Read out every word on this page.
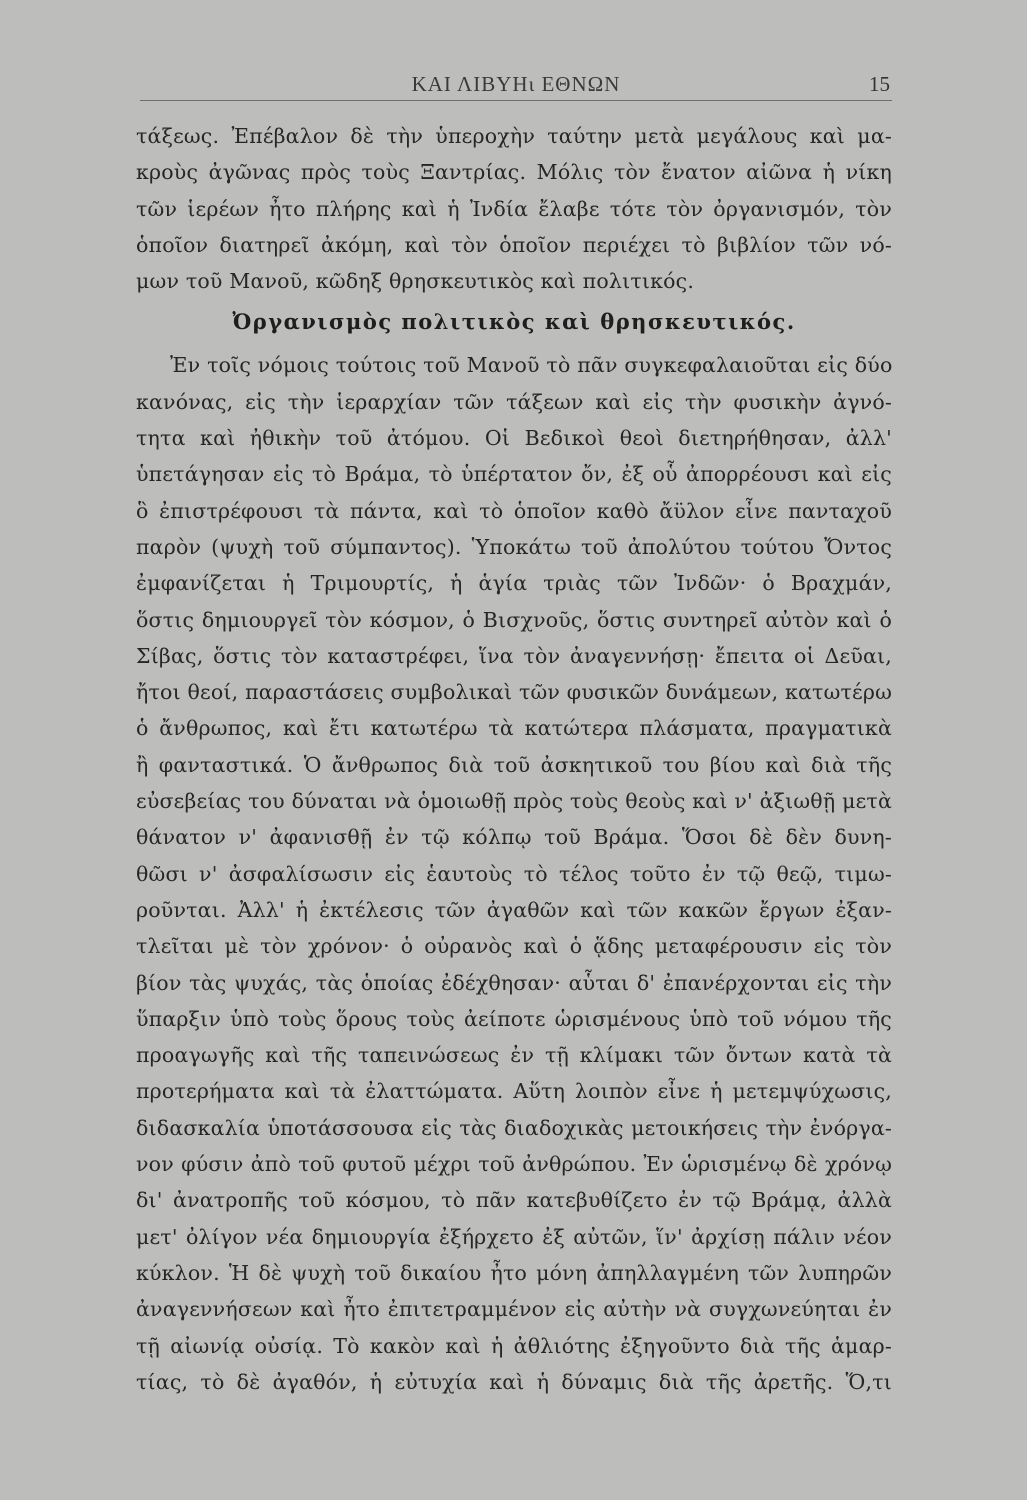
ΚΑΙ ΛΙΒΥΗι ΕΘΝΩΝ	15
τάξεως. Ἐπέβαλον δὲ τὴν ὑπεροχὴν ταύτην μετὰ μεγάλους καὶ μα-
κροὺς ἀγῶνας πρὸς τοὺς Ξαντρίας. Μόλις τὸν ἔνατον αἰῶνα ἡ νίκη
τῶν ἱερέων ἦτο πλήρης καὶ ἡ Ἰνδία ἔλαβε τότε τὸν ὀργανισμόν, τὸν
ὁποῖον διατηρεῖ ἀκόμη, καὶ τὸν ὁποῖον περιέχει τὸ βιβλίον τῶν νό-
μων τοῦ Μανοῦ, κῶδηξ θρησκευτικὸς καὶ πολιτικός.
Ὀργανισμὸς πολιτικὸς καὶ θρησκευτικός.
Ἐν τοῖς νόμοις τούτοις τοῦ Μανοῦ τὸ πᾶν συγκεφαλαιοῦται εἰς δύο
κανόνας, εἰς τὴν ἱεραρχίαν τῶν τάξεων καὶ εἰς τὴν φυσικὴν ἀγνό-
τητα καὶ ἠθικὴν τοῦ ἀτόμου. Οἱ Βεδικοὶ θεοὶ διετηρήθησαν, ἀλλ'
ὑπετάγησαν εἰς τὸ Βράμα, τὸ ὑπέρτατον ὄν, ἐξ οὗ ἀπορρέουσι καὶ εἰς
ὃ ἐπιστρέφουσι τὰ πάντα, καὶ τὸ ὁποῖον καθὸ ἄϋλον εἶνε πανταχοῦ
παρὸν (ψυχὴ τοῦ σύμπαντος). Ὑποκάτω τοῦ ἀπολύτου τούτου Ὄντος
ἐμφανίζεται ἡ Τριμουρτίς, ἡ ἁγία τριὰς τῶν Ἰνδῶν· ὁ Βραχμάν,
ὅστις δημιουργεῖ τὸν κόσμον, ὁ Βισχνοῦς, ὅστις συντηρεῖ αὐτὸν καὶ ὁ
Σίβας, ὅστις τὸν καταστρέφει, ἵνα τὸν ἀναγεννήσῃ· ἔπειτα οἱ Δεῦαι,
ἤτοι θεοί, παραστάσεις συμβολικαὶ τῶν φυσικῶν δυνάμεων, κατωτέρω
ὁ ἄνθρωπος, καὶ ἔτι κατωτέρω τὰ κατώτερα πλάσματα, πραγματικὰ
ἢ φανταστικά. Ὁ ἄνθρωπος διὰ τοῦ ἀσκητικοῦ του βίου καὶ διὰ τῆς
εὐσεβείας του δύναται νὰ ὁμοιωθῇ πρὸς τοὺς θεοὺς καὶ ν' ἀξιωθῇ μετὰ
θάνατον ν' ἀφανισθῇ ἐν τῷ κόλπῳ τοῦ Βράμα. Ὅσοι δὲ δὲν δυνη-
θῶσι ν' ἀσφαλίσωσιν εἰς ἑαυτοὺς τὸ τέλος τοῦτο ἐν τῷ θεῷ, τιμω-
ροῦνται. Ἀλλ' ἡ ἐκτέλεσις τῶν ἀγαθῶν καὶ τῶν κακῶν ἔργων ἐξαν-
τλεῖται μὲ τὸν χρόνον· ὁ οὐρανὸς καὶ ὁ ᾅδης μεταφέρουσιν εἰς τὸν
βίον τὰς ψυχάς, τὰς ὁποίας ἐδέχθησαν· αὗται δ' ἐπανέρχονται εἰς τὴν
ὕπαρξιν ὑπὸ τοὺς ὅρους τοὺς ἀείποτε ὡρισμένους ὑπὸ τοῦ νόμου τῆς
προαγωγῆς καὶ τῆς ταπεινώσεως ἐν τῇ κλίμακι τῶν ὄντων κατὰ τὰ
προτερήματα καὶ τὰ ἐλαττώματα. Αὕτη λοιπὸν εἶνε ἡ μετεμψύχωσις,
διδασκαλία ὑποτάσσουσα εἰς τὰς διαδοχικὰς μετοικήσεις τὴν ἐνόργα-
νον φύσιν ἀπὸ τοῦ φυτοῦ μέχρι τοῦ ἀνθρώπου. Ἐν ὡρισμένῳ δὲ χρόνῳ
δι' ἀνατροπῆς τοῦ κόσμου, τὸ πᾶν κατεβυθίζετο ἐν τῷ Βράμᾳ, ἀλλὰ
μετ' ὀλίγον νέα δημιουργία ἐξήρχετο ἐξ αὐτῶν, ἵν' ἀρχίσῃ πάλιν νέον
κύκλον. Ἡ δὲ ψυχὴ τοῦ δικαίου ἦτο μόνη ἀπηλλαγμένη τῶν λυπηρῶν
ἀναγεννήσεων καὶ ἦτο ἐπιτετραμμένον εἰς αὐτὴν νὰ συγχωνεύηται ἐν
τῇ αἰωνίᾳ οὐσίᾳ. Τὸ κακὸν καὶ ἡ ἀθλιότης ἐξηγοῦντο διὰ τῆς ἁμαρ-
τίας, τὸ δὲ ἀγαθόν, ἡ εὐτυχία καὶ ἡ δύναμις διὰ τῆς ἀρετῆς. Ὅ,τι
